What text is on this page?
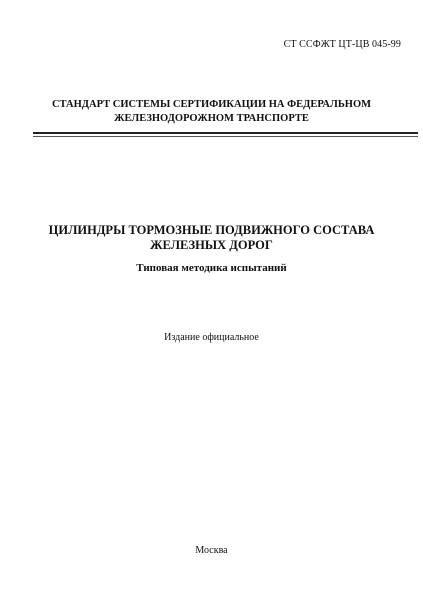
СТ ССФЖТ ЦТ-ЦВ 045-99
СТАНДАРТ СИСТЕМЫ СЕРТИФИКАЦИИ НА ФЕДЕРАЛЬНОМ
ЖЕЛЕЗНОДОРОЖНОМ ТРАНСПОРТЕ
ЦИЛИНДРЫ ТОРМОЗНЫЕ ПОДВИЖНОГО СОСТАВА
ЖЕЛЕЗНЫХ ДОРОГ
Типовая методика испытаний
Издание официальное
Москва
